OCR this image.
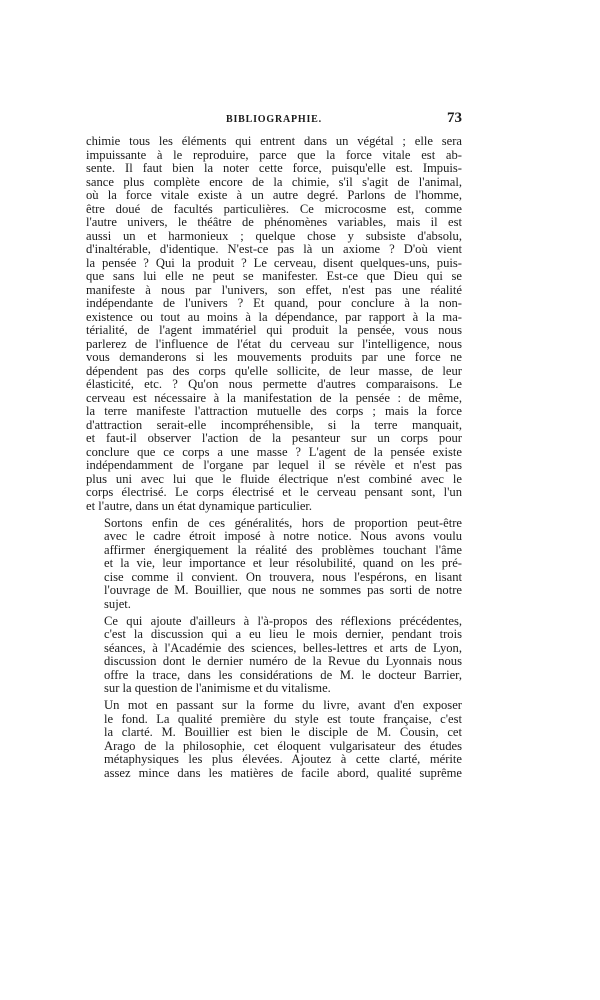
BIBLIOGRAPHIE.	73

chimie tous les éléments qui entrent dans un végétal ; elle sera
impuissante à le reproduire, parce que la force vitale est ab-
sente. Il faut bien la noter cette force, puisqu'elle est. Impuis-
sance plus complète encore de la chimie, s'il s'agit de l'animal,
où la force vitale existe à un autre degré. Parlons de l'homme,
être doué de facultés particulières. Ce microcosme est, comme
l'autre univers, le théâtre de phénomènes variables, mais il est
aussi un et harmonieux ; quelque chose y subsiste d'absolu,
d'inaltérable, d'identique. N'est-ce pas là un axiome ? D'où vient
la pensée ? Qui la produit ? Le cerveau, disent quelques-uns, puis-
que sans lui elle ne peut se manifester. Est-ce que Dieu qui se
manifeste à nous par l'univers, son effet, n'est pas une réalité
indépendante de l'univers ? Et quand, pour conclure à la non-
existence ou tout au moins à la dépendance, par rapport à la ma-
térialité, de l'agent immatériel qui produit la pensée, vous nous
parlerez de l'influence de l'état du cerveau sur l'intelligence, nous
vous demanderons si les mouvements produits par une force ne
dépendent pas des corps qu'elle sollicite, de leur masse, de leur
élasticité, etc. ? Qu'on nous permette d'autres comparaisons. Le
cerveau est nécessaire à la manifestation de la pensée : de même,
la terre manifeste l'attraction mutuelle des corps ; mais la force
d'attraction serait-elle incompréhensible, si la terre manquait,
et faut-il observer l'action de la pesanteur sur un corps pour
conclure que ce corps a une masse ? L'agent de la pensée existe
indépendamment de l'organe par lequel il se révèle et n'est pas
plus uni avec lui que le fluide électrique n'est combiné avec le
corps électrisé. Le corps électrisé et le cerveau pensant sont, l'un
et l'autre, dans un état dynamique particulier.

Sortons enfin de ces généralités, hors de proportion peut-être
avec le cadre étroit imposé à notre notice. Nous avons voulu
affirmer énergiquement la réalité des problèmes touchant l'âme
et la vie, leur importance et leur résolubilité, quand on les pré-
cise comme il convient. On trouvera, nous l'espérons, en lisant
l'ouvrage de M. Bouillier, que nous ne sommes pas sorti de notre
sujet.

Ce qui ajoute d'ailleurs à l'à-propos des réflexions précédentes,
c'est la discussion qui a eu lieu le mois dernier, pendant trois
séances, à l'Académie des sciences, belles-lettres et arts de Lyon,
discussion dont le dernier numéro de la Revue du Lyonnais nous
offre la trace, dans les considérations de M. le docteur Barrier,
sur la question de l'animisme et du vitalisme.

Un mot en passant sur la forme du livre, avant d'en exposer
le fond. La qualité première du style est toute française, c'est
la clarté. M. Bouillier est bien le disciple de M. Cousin, cet
Arago de la philosophie, cet éloquent vulgarisateur des études
métaphysiques les plus élevées. Ajoutez à cette clarté, mérite
assez mince dans les matières de facile abord, qualité suprême
